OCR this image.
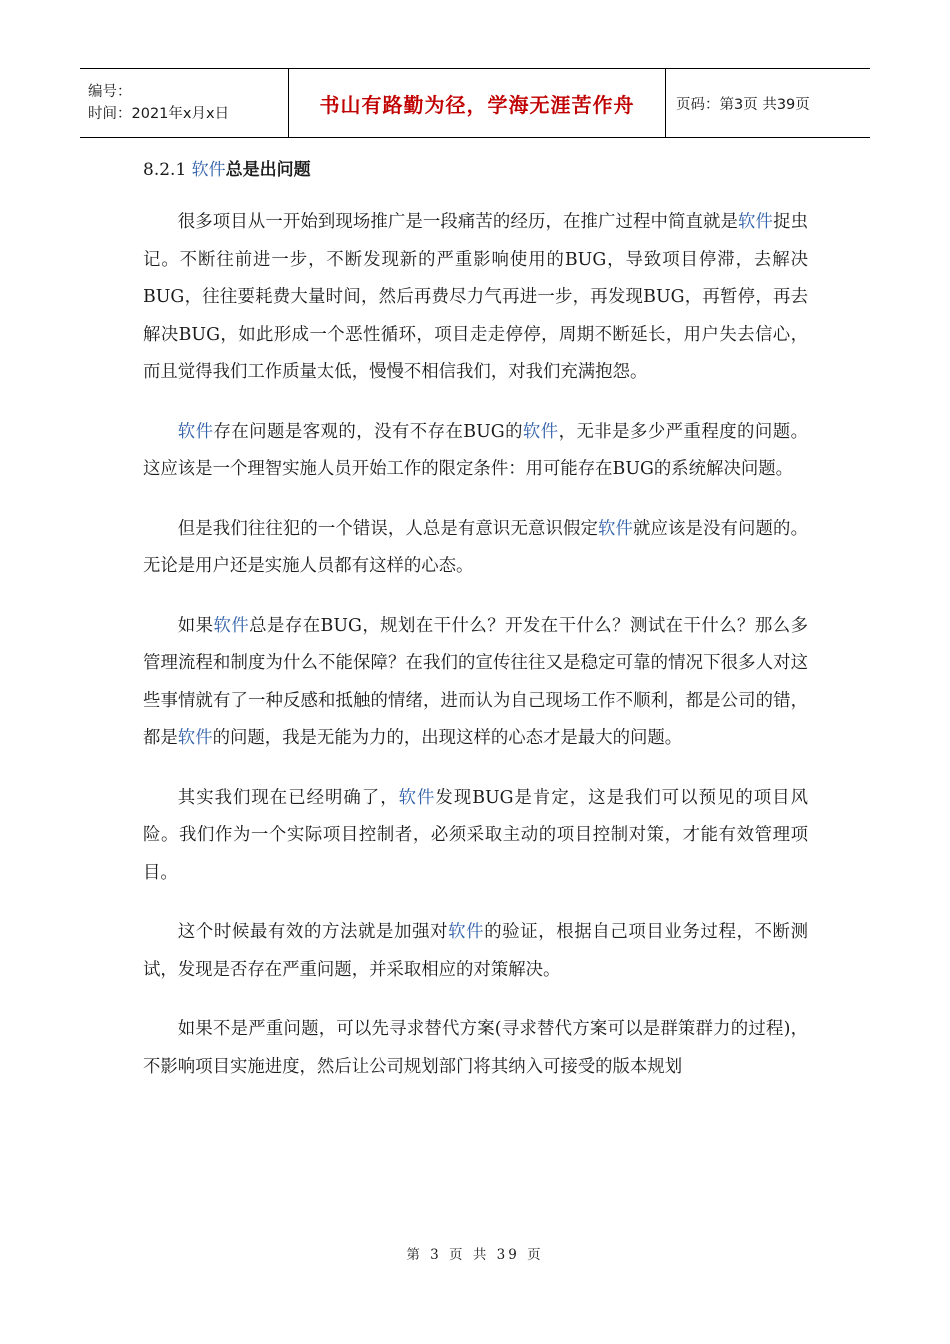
编号：
时间：2021年x月x日	书山有路勤为径，学海无涯苦作舟	页码：第3页 共39页
8.2.1 软件总是出问题

很多项目从一开始到现场推广是一段痛苦的经历，在推广过程中简直就是软件捉虫记。不断往前进一步，不断发现新的严重影响使用的BUG，导致项目停滞，去解决BUG，往往要耗费大量时间，然后再费尽力气再进一步，再发现BUG，再暂停，再去解决BUG，如此形成一个恶性循环，项目走走停停，周期不断延长，用户失去信心，而且觉得我们工作质量太低，慢慢不相信我们，对我们充满抱怨。

软件存在问题是客观的，没有不存在BUG的软件，无非是多少严重程度的问题。这应该是一个理智实施人员开始工作的限定条件：用可能存在BUG的系统解决问题。

但是我们往往犯的一个错误，人总是有意识无意识假定软件就应该是没有问题的。无论是用户还是实施人员都有这样的心态。

如果软件总是存在BUG，规划在干什么？开发在干什么？测试在干什么？那么多管理流程和制度为什么不能保障？在我们的宣传往往又是稳定可靠的情况下很多人对这些事情就有了一种反感和抵触的情绪，进而认为自己现场工作不顺利，都是公司的错，都是软件的问题，我是无能为力的，出现这样的心态才是最大的问题。

其实我们现在已经明确了，软件发现BUG是肯定，这是我们可以预见的项目风险。我们作为一个实际项目控制者，必须采取主动的项目控制对策，才能有效管理项目。

这个时候最有效的方法就是加强对软件的验证，根据自己项目业务过程，不断测试，发现是否存在严重问题，并采取相应的对策解决。

如果不是严重问题，可以先寻求替代方案(寻求替代方案可以是群策群力的过程)，不影响项目实施进度，然后让公司规划部门将其纳入可接受的版本规划

第 3 页 共 39 页
